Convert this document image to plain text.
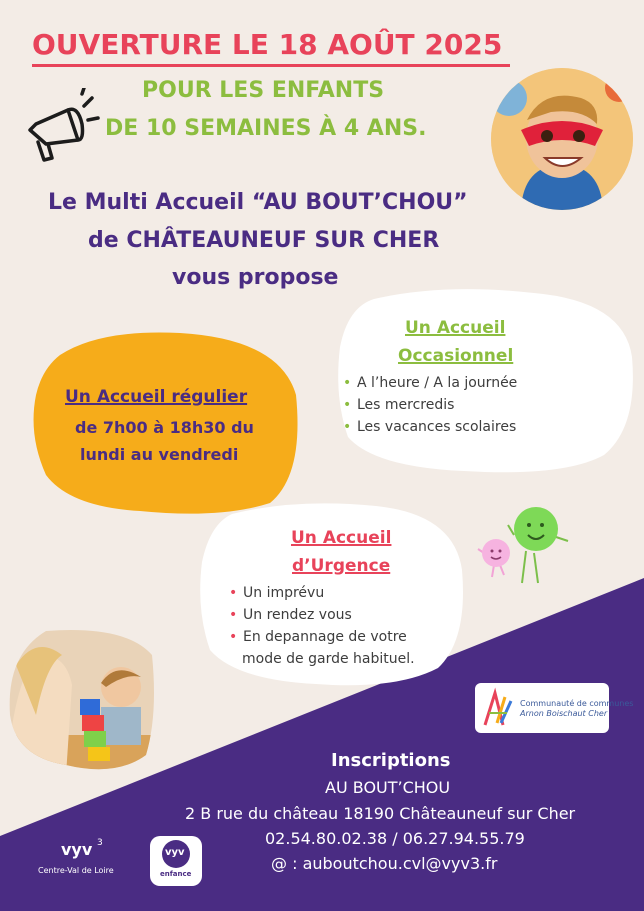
OUVERTURE LE 18 AOÛT 2025
POUR LES ENFANTS
DE 10 SEMAINES À 4 ANS.
Le Multi Accueil “AU BOUT’CHOU”
de CHÂTEAUNEUF SUR CHER
vous propose
Un Accueil
Occasionnel
• A l’heure / A la journée
• Les mercredis
• Les vacances scolaires
Un Accueil régulier
de 7h00 à 18h30 du
lundi au vendredi
Un Accueil
d’Urgence
• Un imprévu
• Un rendez vous
• En depannage de votre
mode de garde habituel.
Communauté de communes
Arnon Boischaut Cher
Inscriptions
AU BOUT’CHOU
2 B rue du château 18190 Châteauneuf sur Cher
02.54.80.02.38 / 06.27.94.55.79
@ : auboutchou.cvl@vyv3.fr
vyv 3
Centre-Val de Loire
vyv
enfance
